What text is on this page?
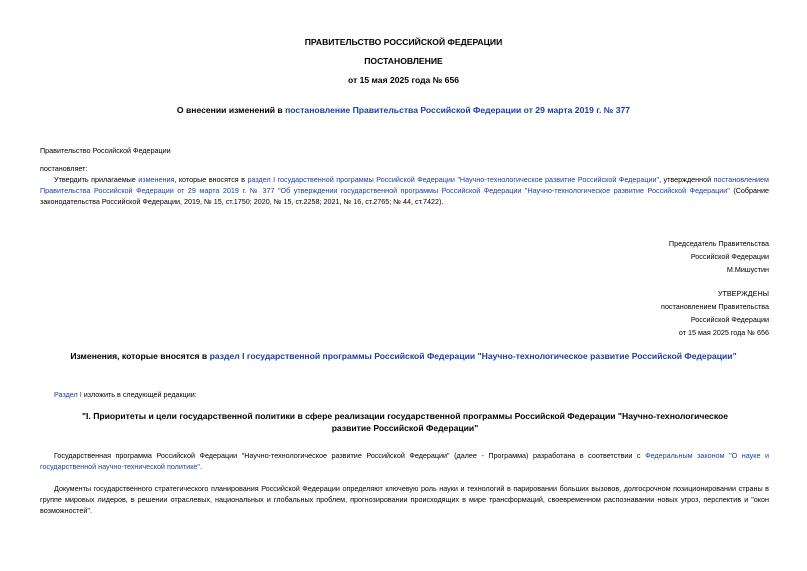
ПРАВИТЕЛЬСТВО РОССИЙСКОЙ ФЕДЕРАЦИИ
ПОСТАНОВЛЕНИЕ
от 15 мая 2025 года № 656
О внесении изменений в постановление Правительства Российской Федерации от 29 марта 2019 г. № 377
Правительство Российской Федерации
постановляет:
Утвердить прилагаемые изменения, которые вносятся в раздел I государственной программы Российской Федерации "Научно-технологическое развитие Российской Федерации", утвержденной постановлением Правительства Российской Федерации от 29 марта 2019 г. № 377 "Об утверждении государственной программы Российской Федерации "Научно-технологическое развитие Российской Федерации" (Собрание законодательства Российской Федерации, 2019, № 15, ст.1750; 2020, № 15, ст.2258; 2021, № 16, ст.2765; № 44, ст.7422).
Председатель Правительства
Российской Федерации
М.Мишустин
УТВЕРЖДЕНЫ
постановлением Правительства
Российской Федерации
от 15 мая 2025 года № 656
Изменения, которые вносятся в раздел I государственной программы Российской Федерации "Научно-технологическое развитие Российской Федерации"
Раздел I изложить в следующей редакции:
"I. Приоритеты и цели государственной политики в сфере реализации государственной программы Российской Федерации "Научно-технологическое развитие Российской Федерации"
Государственная программа Российской Федерации "Научно-технологическое развитие Российской Федерации" (далее - Программа) разработана в соответствии с Федеральным законом "О науке и государственной научно-технической политике".
Документы государственного стратегического планирования Российской Федерации определяют ключевую роль науки и технологий в парировании больших вызовов, долгосрочном позиционировании страны в группе мировых лидеров, в решении отраслевых, национальных и глобальных проблем, прогнозировании происходящих в мире трансформаций, своевременном распознавании новых угроз, перспектив и "окон возможностей".
